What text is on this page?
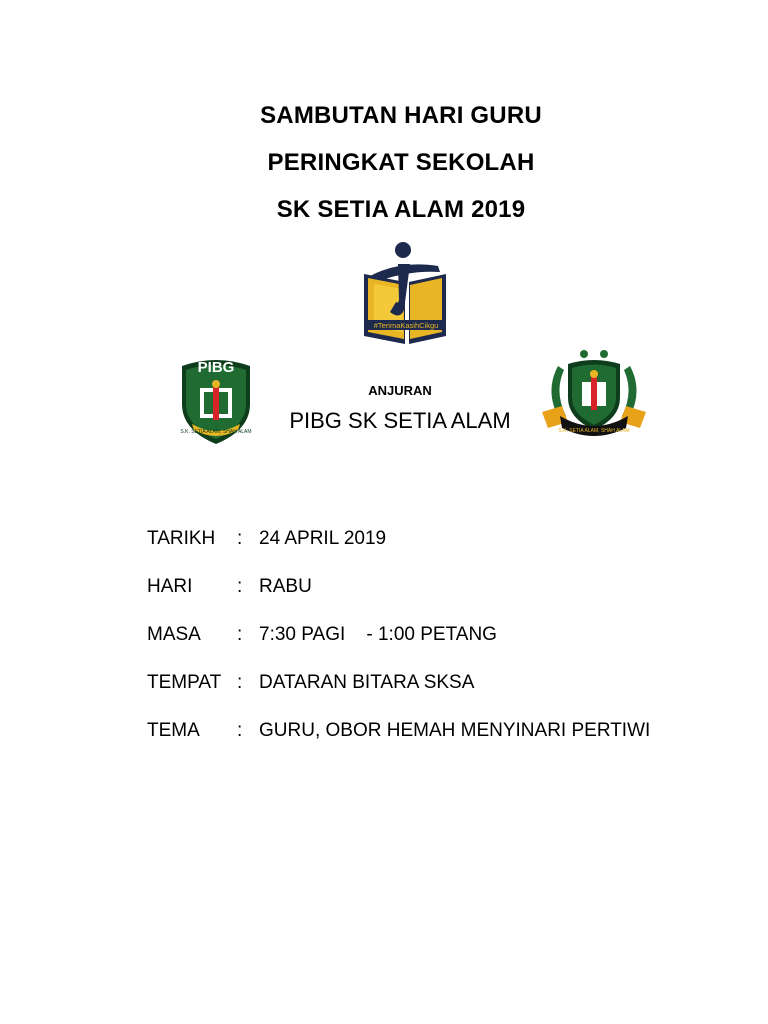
SAMBUTAN HARI GURU
PERINGKAT SEKOLAH
SK SETIA ALAM 2019
#TerimaKasihCikgu
PIBG
S.K. SETIA ALAM, SHAH ALAM	S.K. SETIA ALAM, SHAH ALAM
ANJURAN
PIBG SK SETIA ALAM
TARIKH : 24 APRIL 2019
HARI : RABU
MASA : 7:30 PAGI    - 1:00 PETANG
TEMPAT : DATARAN BITARA SKSA
TEMA : GURU, OBOR HEMAH MENYINARI PERTIWI
